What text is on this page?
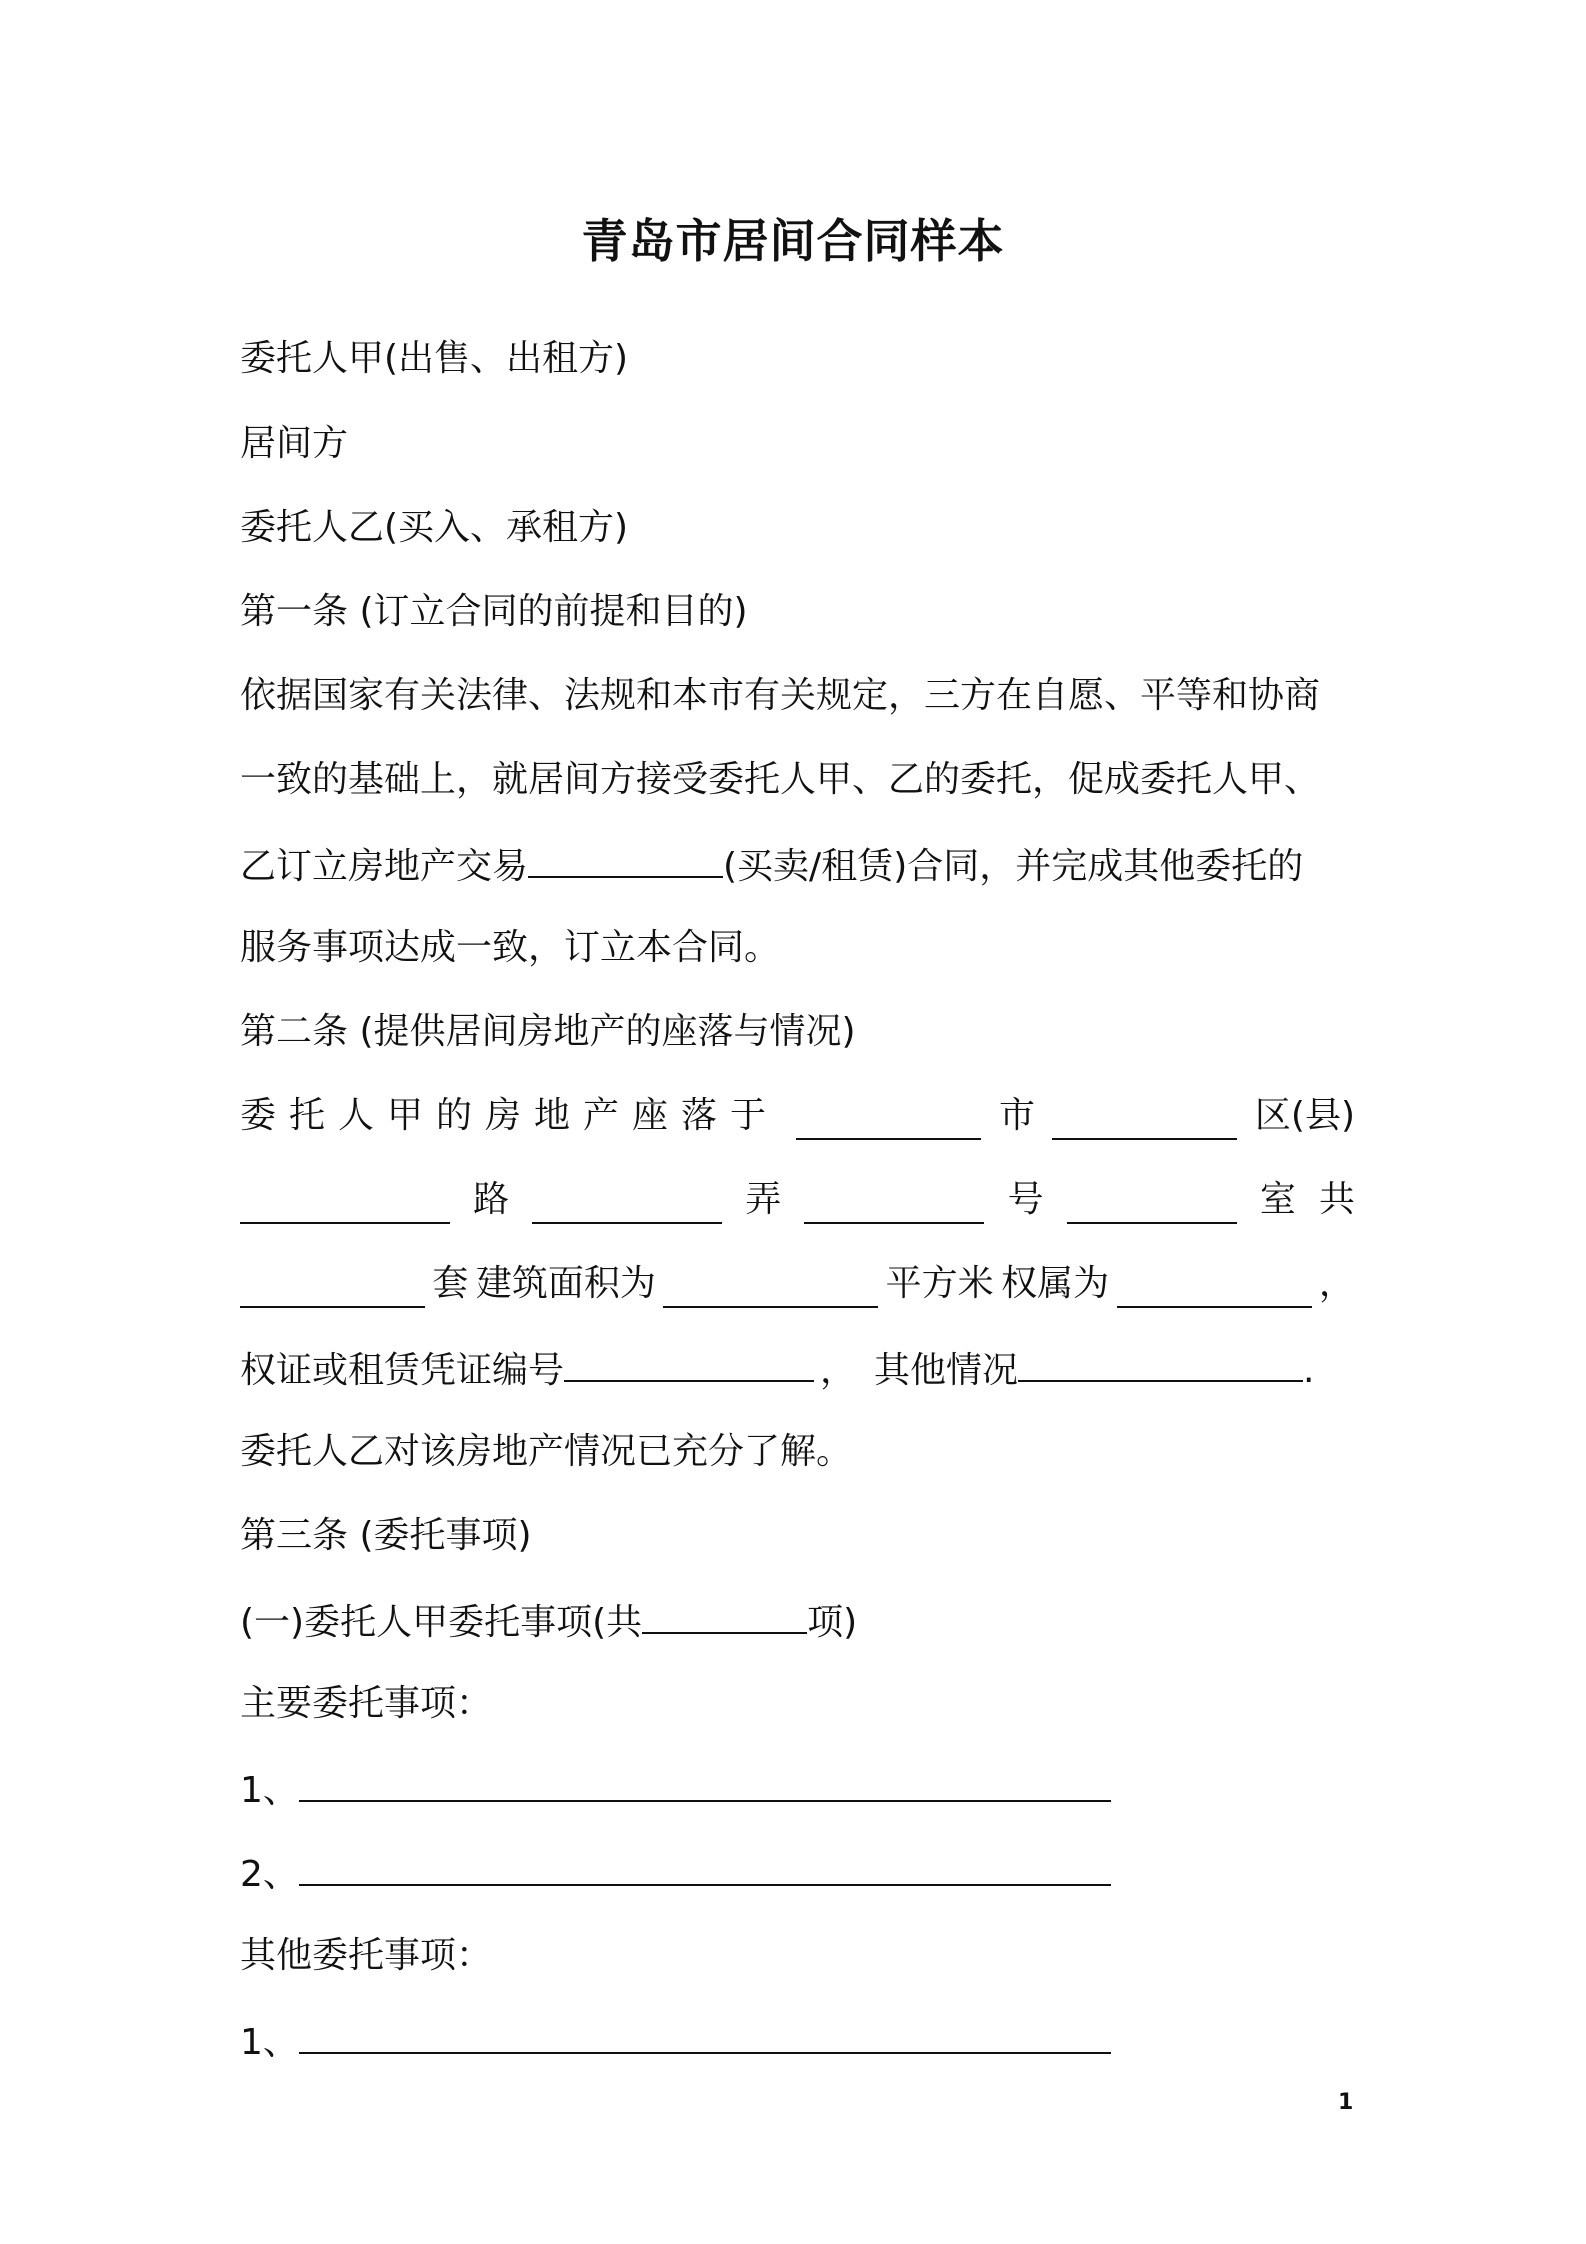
青岛市居间合同样本
委托人甲(出售、出租方)
居间方
委托人乙(买入、承租方)
第一条 (订立合同的前提和目的)
依据国家有关法律、法规和本市有关规定，三方在自愿、平等和协商
一致的基础上，就居间方接受委托人甲、乙的委托，促成委托人甲、
乙订立房地产交易	(买卖/租赁)合同，并完成其他委托的
服务事项达成一致，订立本合同。
第二条 (提供居间房地产的座落与情况)
委托人甲的房地产座落于	市	区(县)
路	弄	号	室 共
套 建筑面积为	平方米 权属为	，
权证或租赁凭证编号	， 其他情况	.
委托人乙对该房地产情况已充分了解。
第三条 (委托事项)
(一)委托人甲委托事项(共	项)
主要委托事项：
1、
2、
其他委托事项：
1、
1
